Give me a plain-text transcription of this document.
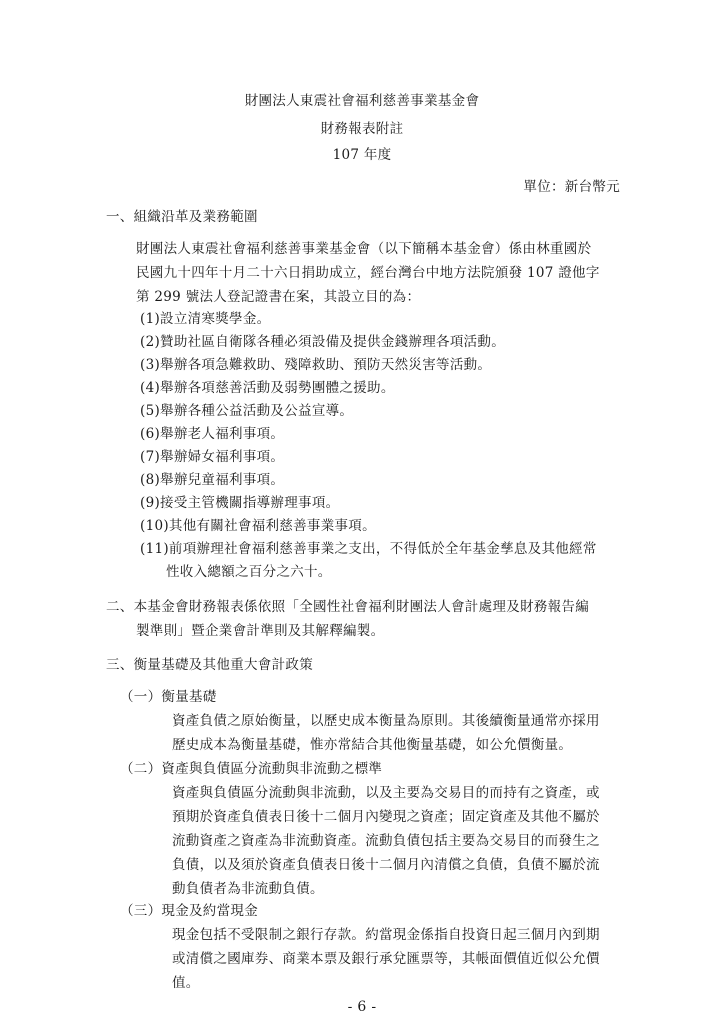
財團法人東震社會福利慈善事業基金會
財務報表附註
107 年度
單位：新台幣元
一、組織沿革及業務範圍
財團法人東震社會福利慈善事業基金會（以下簡稱本基金會）係由林重國於
民國九十四年十月二十六日捐助成立，經台灣台中地方法院頒發 107 證他字
第 299 號法人登記證書在案，其設立目的為：
(1)設立清寒獎學金。
(2)贊助社區自衛隊各種必須設備及提供金錢辦理各項活動。
(3)舉辦各項急難救助、殘障救助、預防天然災害等活動。
(4)舉辦各項慈善活動及弱勢團體之援助。
(5)舉辦各種公益活動及公益宣導。
(6)舉辦老人福利事項。
(7)舉辦婦女福利事項。
(8)舉辦兒童福利事項。
(9)接受主管機關指導辦理事項。
(10)其他有關社會福利慈善事業事項。
(11)前項辦理社會福利慈善事業之支出，不得低於全年基金孳息及其他經常
性收入總額之百分之六十。
二、本基金會財務報表係依照「全國性社會福利財團法人會計處理及財務報告編
製準則」暨企業會計準則及其解釋編製。
三、衡量基礎及其他重大會計政策
（一）衡量基礎
資產負債之原始衡量，以歷史成本衡量為原則。其後續衡量通常亦採用
歷史成本為衡量基礎，惟亦常結合其他衡量基礎，如公允價衡量。
（二）資產與負債區分流動與非流動之標準
資產與負債區分流動與非流動，以及主要為交易目的而持有之資產，或
預期於資產負債表日後十二個月內變現之資產；固定資產及其他不屬於
流動資產之資產為非流動資產。流動負債包括主要為交易目的而發生之
負債，以及須於資產負債表日後十二個月內清償之負債，負債不屬於流
動負債者為非流動負債。
（三）現金及約當現金
現金包括不受限制之銀行存款。約當現金係指自投資日起三個月內到期
或清償之國庫券、商業本票及銀行承兌匯票等，其帳面價值近似公允價
值。
- 6 -
